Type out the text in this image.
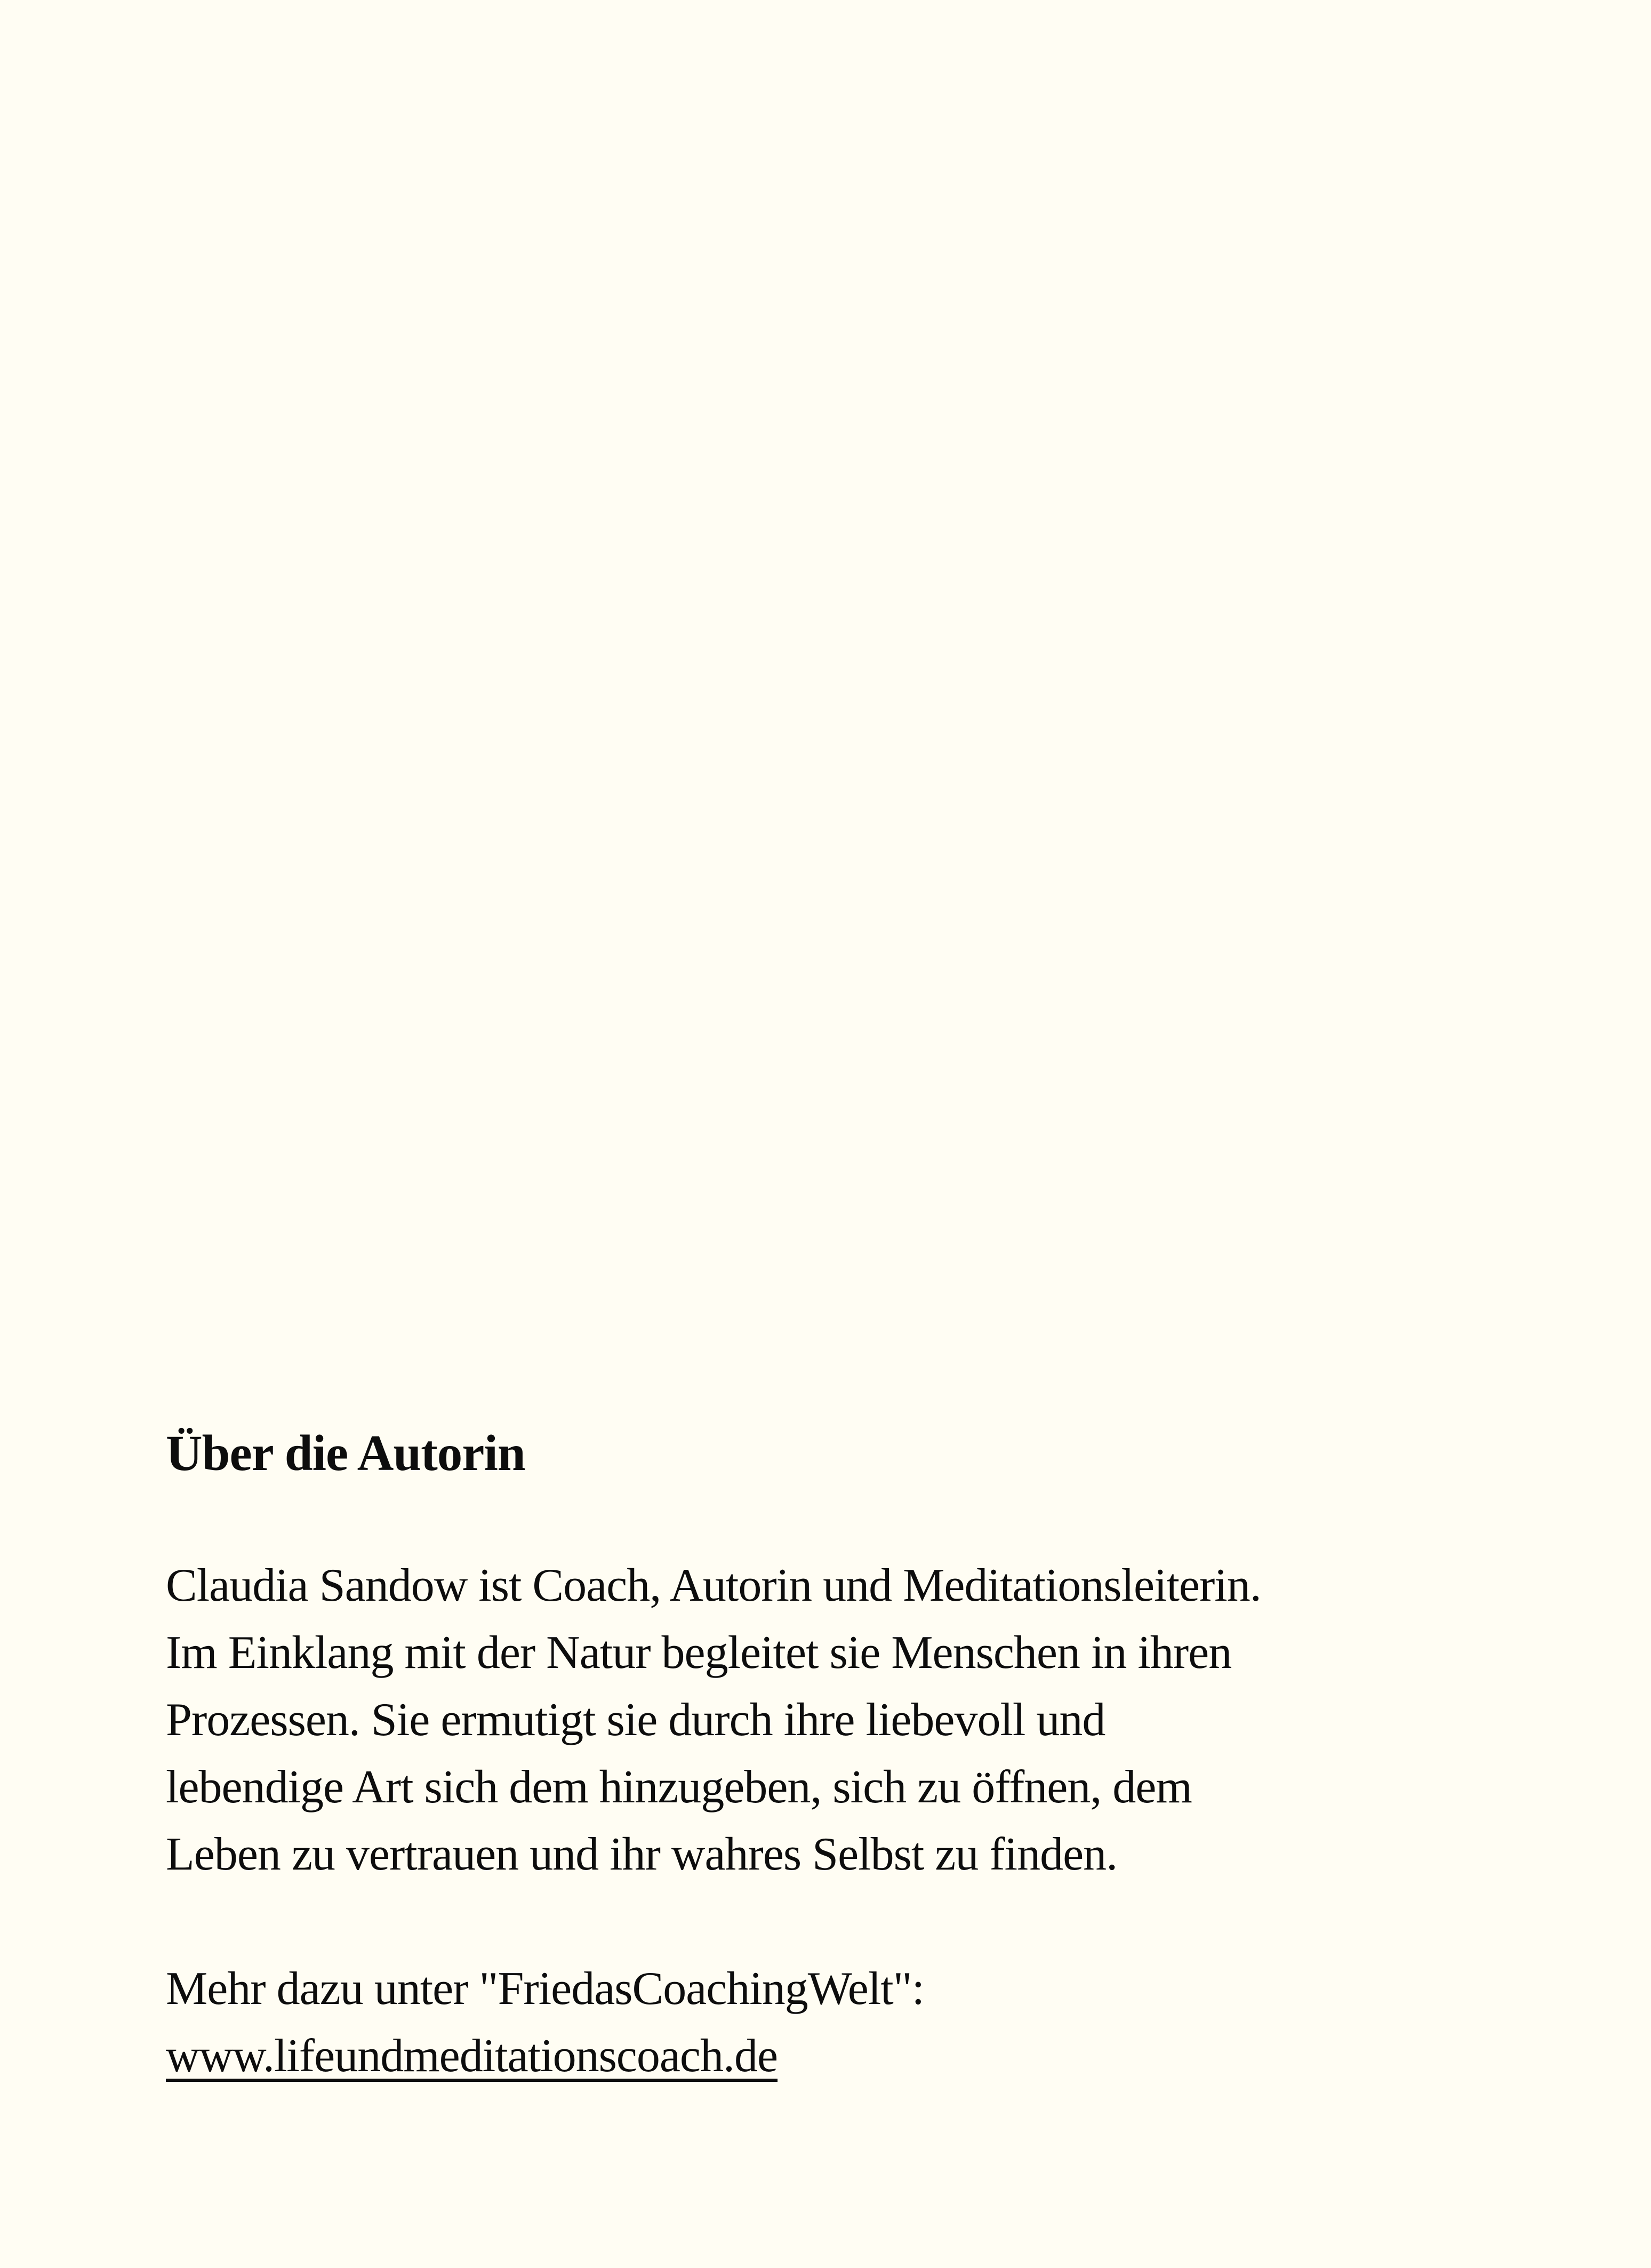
Über die Autorin
Claudia Sandow ist Coach, Autorin und Meditationsleiterin.
Im Einklang mit der Natur begleitet sie Menschen in ihren
Prozessen. Sie ermutigt sie durch ihre liebevoll und
lebendige Art sich dem hinzugeben, sich zu öffnen, dem
Leben zu vertrauen und ihr wahres Selbst zu finden.
Mehr dazu unter "FriedasCoachingWelt":
www.lifeundmeditationscoach.de
